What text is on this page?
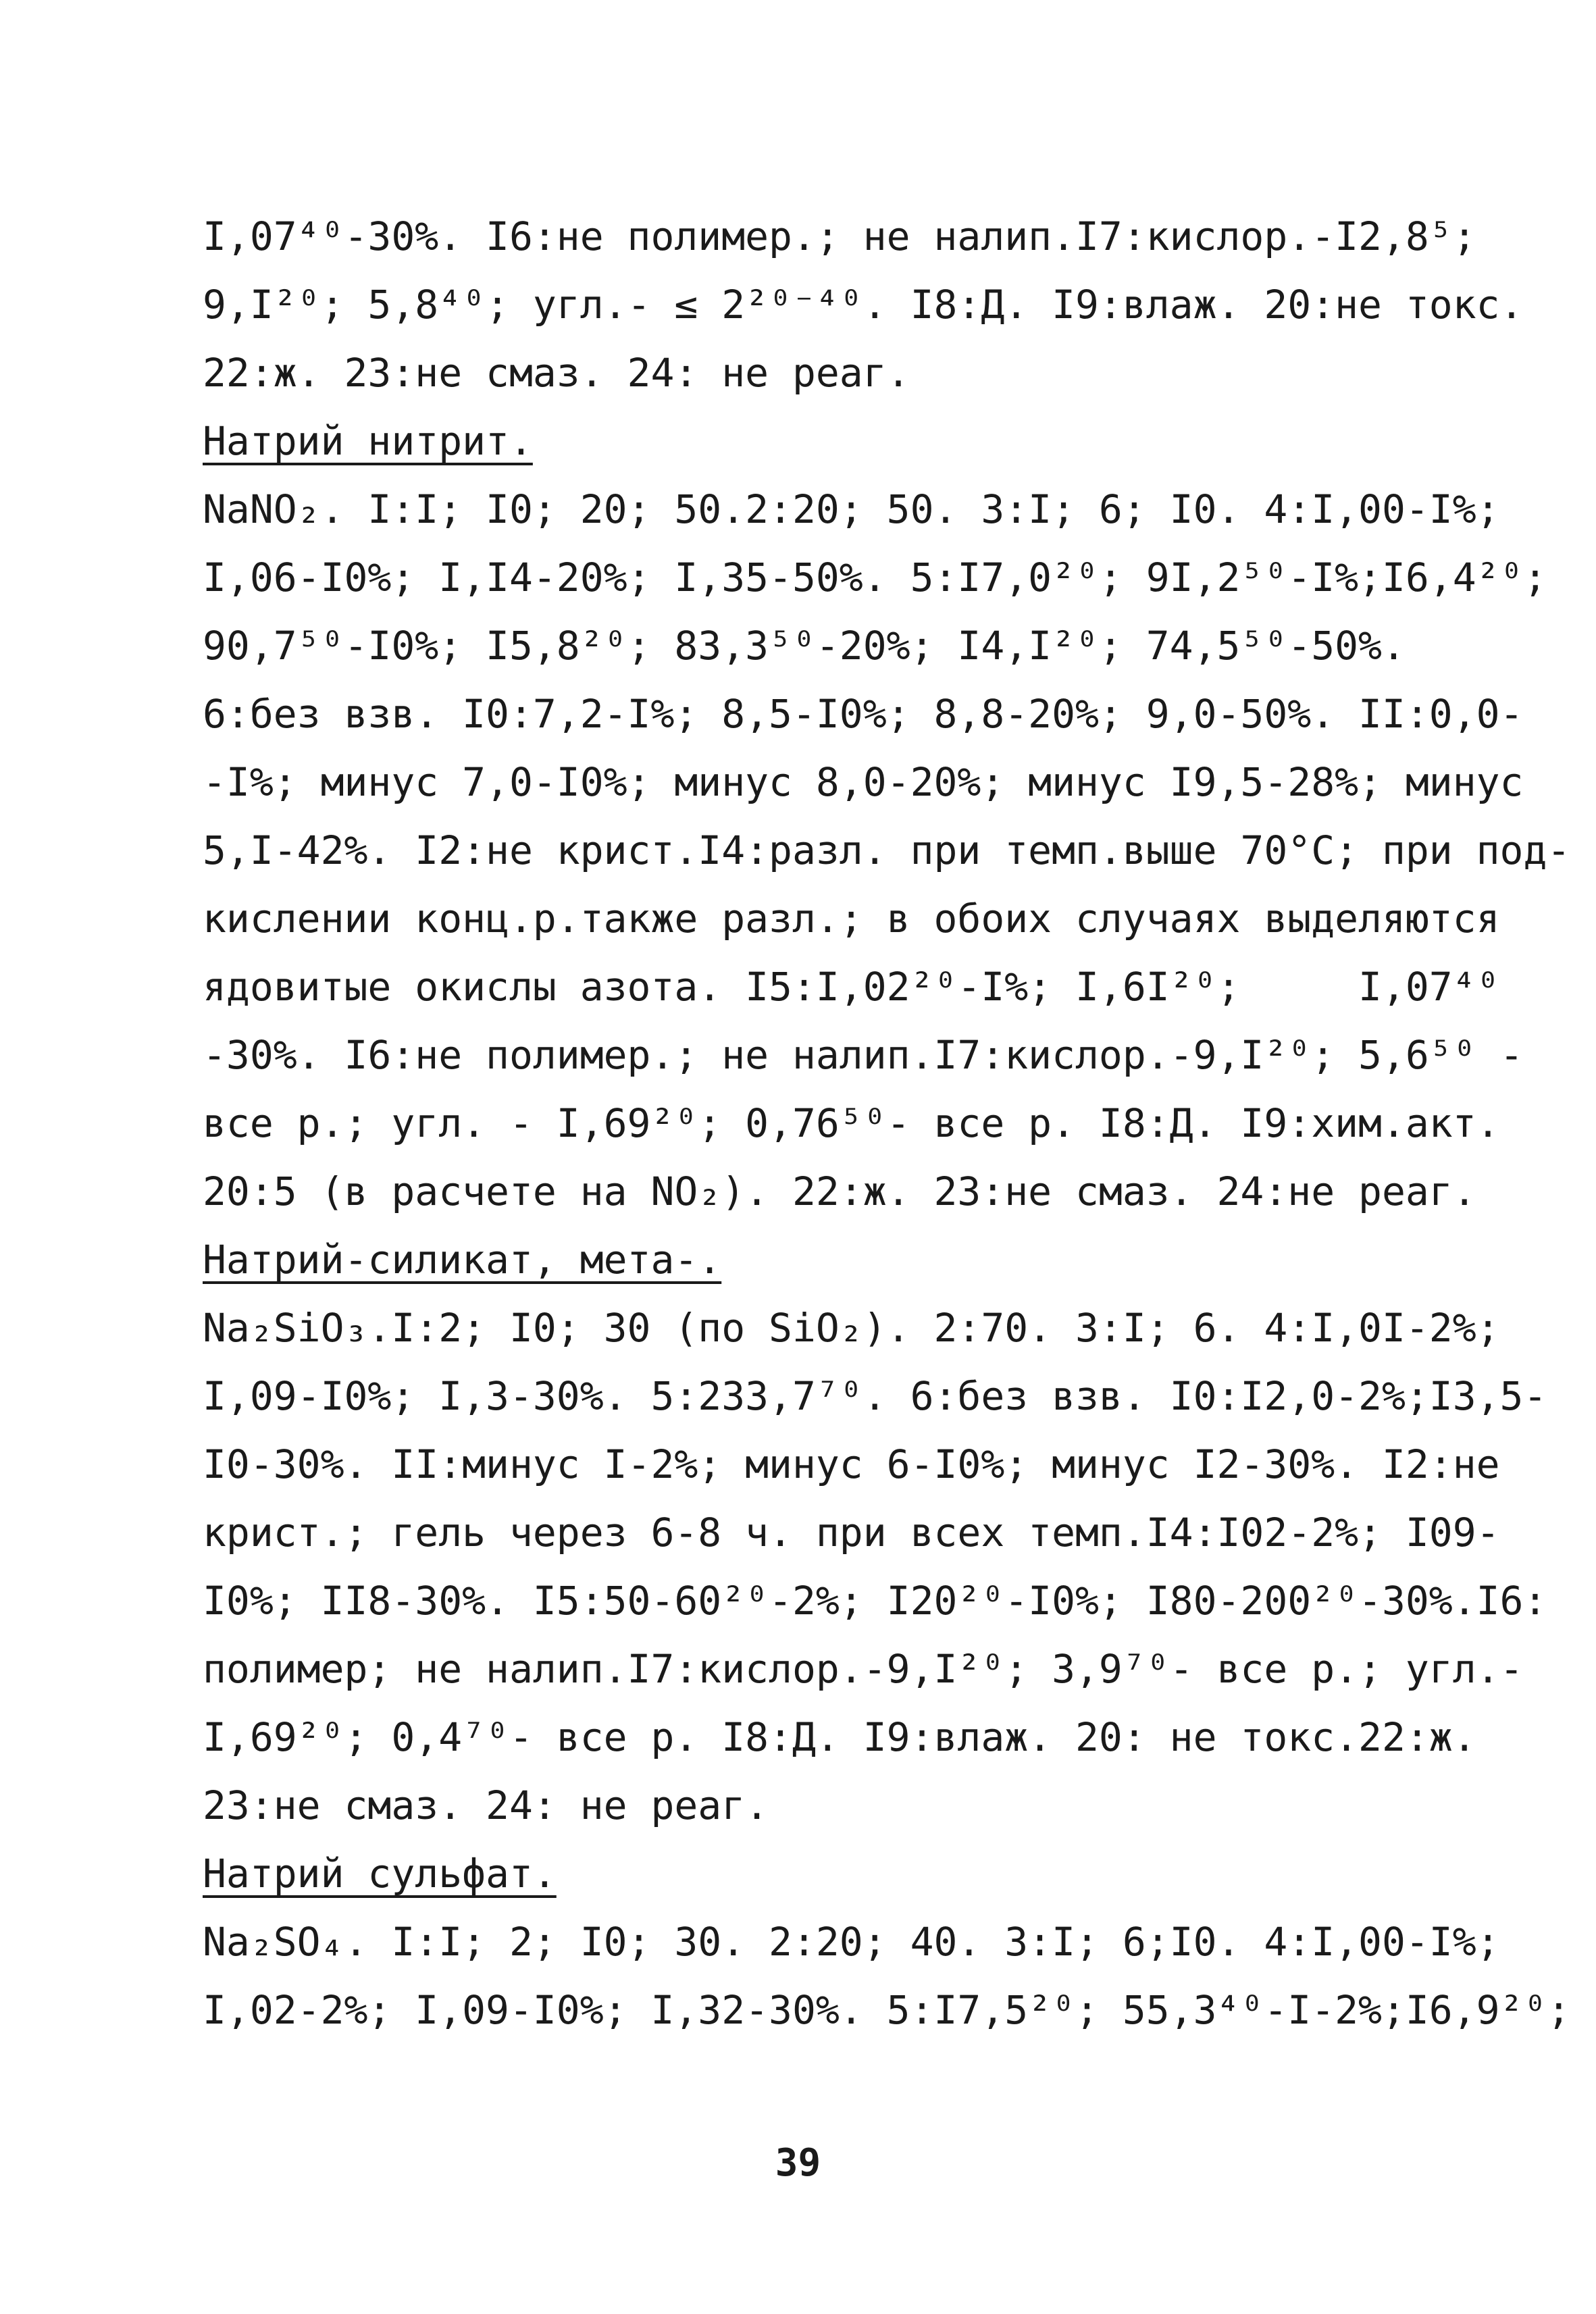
I,07⁴⁰-30%. I6:не полимер.; не налип.I7:кислор.-I2,8⁵;
9,I²⁰; 5,8⁴⁰; угл.- ≤ 2²⁰⁻⁴⁰. I8:Д. I9:влаж. 20:не токс.
22:ж. 23:не смаз. 24: не реаг.
Натрий нитрит.
NaNO₂. I:I; I0; 20; 50.2:20; 50. 3:I; 6; I0. 4:I,00-I%;
I,06-I0%; I,I4-20%; I,35-50%. 5:I7,0²⁰; 9I,2⁵⁰-I%;I6,4²⁰;
90,7⁵⁰-I0%; I5,8²⁰; 83,3⁵⁰-20%; I4,I²⁰; 74,5⁵⁰-50%.
6:без взв. I0:7,2-I%; 8,5-I0%; 8,8-20%; 9,0-50%. II:0,0-
-I%; минус 7,0-I0%; минус 8,0-20%; минус I9,5-28%; минус
5,I-42%. I2:не крист.I4:разл. при темп.выше 70°С; при под-
кислении конц.р.также разл.; в обоих случаях выделяются
ядовитые окислы азота. I5:I,02²⁰-I%; I,6I²⁰;     I,07⁴⁰
-30%. I6:не полимер.; не налип.I7:кислор.-9,I²⁰; 5,6⁵⁰ -
все р.; угл. - I,69²⁰; 0,76⁵⁰- все р. I8:Д. I9:хим.акт.
20:5 (в расчете на NO₂). 22:ж. 23:не смаз. 24:не реаг.
Натрий-силикат, мета-.
Na₂SiO₃.I:2; I0; 30 (по SiO₂). 2:70. 3:I; 6. 4:I,0I-2%;
I,09-I0%; I,3-30%. 5:233,7⁷⁰. 6:без взв. I0:I2,0-2%;I3,5-
I0-30%. II:минус I-2%; минус 6-I0%; минус I2-30%. I2:не
крист.; гель через 6-8 ч. при всех темп.I4:I02-2%; I09-
I0%; II8-30%. I5:50-60²⁰-2%; I20²⁰-I0%; I80-200²⁰-30%.I6:
полимер; не налип.I7:кислор.-9,I²⁰; 3,9⁷⁰- все р.; угл.-
I,69²⁰; 0,4⁷⁰- все р. I8:Д. I9:влаж. 20: не токс.22:ж.
23:не смаз. 24: не реаг.
Натрий сульфат.
Na₂SO₄. I:I; 2; I0; 30. 2:20; 40. 3:I; 6;I0. 4:I,00-I%;
I,02-2%; I,09-I0%; I,32-30%. 5:I7,5²⁰; 55,3⁴⁰-I-2%;I6,9²⁰;
39
